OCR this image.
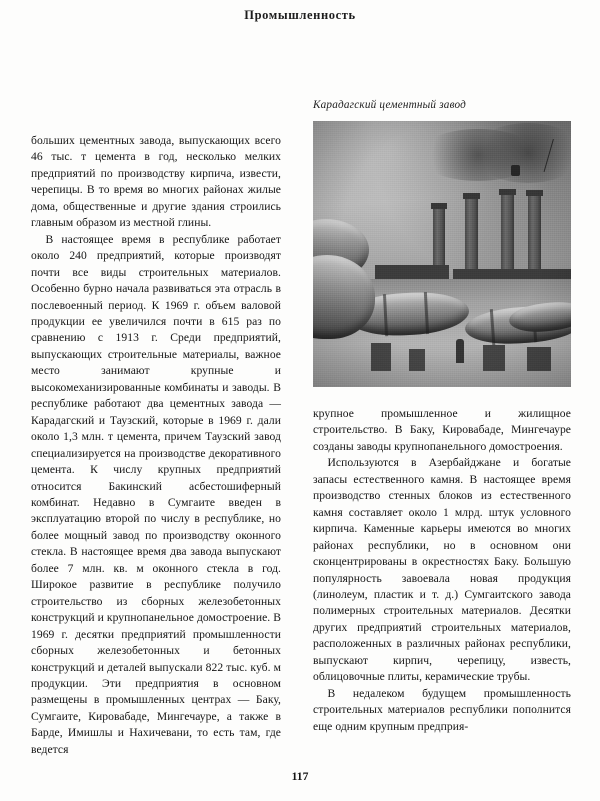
Промышленность
Карадагский цементный завод

больших цементных завода, выпускающих всего 46 тыс. т цемента в год, несколько мелких предприятий по производству кирпича, извести, черепицы. В то время во многих районах жилые дома, общественные и другие здания строились главным образом из местной глины.

В настоящее время в республике работает около 240 предприятий, которые производят почти все виды строительных материалов. Особенно бурно начала развиваться эта отрасль в послевоенный период. К 1969 г. объем валовой продукции ее увеличился почти в 615 раз по сравнению с 1913 г. Среди предприятий, выпускающих строительные материалы, важное место занимают крупные и высокомеханизированные комбинаты и заводы. В республике работают два цементных завода — Карадагский и Таузский, которые в 1969 г. дали около 1,3 млн. т цемента, причем Таузский завод специализируется на производстве декоративного цемента. К числу крупных предприятий относится Бакинский асбестошиферный комбинат. Недавно в Сумгаите введен в эксплуатацию второй по числу в республике, но более мощный завод по производству оконного стекла. В настоящее время два завода выпускают более 7 млн. кв. м оконного стекла в год. Широкое развитие в республике получило строительство из сборных железобетонных конструкций и крупнопанельное домостроение. В 1969 г. десятки предприятий промышленности сборных железобетонных и бетонных конструкций и деталей выпускали 822 тыс. куб. м продукции. Эти предприятия в основном размещены в промышленных центрах — Баку, Сумгаите, Кировабаде, Мингечауре, а также в Барде, Имишлы и Нахичевани, то есть там, где ведется

крупное промышленное и жилищное строительство. В Баку, Кировабаде, Мингечауре созданы заводы крупнопанельного домостроения.

Используются в Азербайджане и богатые запасы естественного камня. В настоящее время производство стенных блоков из естественного камня составляет около 1 млрд. штук условного кирпича. Каменные карьеры имеются во многих районах республики, но в основном они сконцентрированы в окрестностях Баку. Большую популярность завоевала новая продукция (линолеум, пластик и т. д.) Сумгаитского завода полимерных строительных материалов. Десятки других предприятий строительных материалов, расположенных в различных районах республики, выпускают кирпич, черепицу, известь, облицовочные плиты, керамические трубы.

В недалеком будущем промышленность строительных материалов республики пополнится еще одним крупным предприя-

117
